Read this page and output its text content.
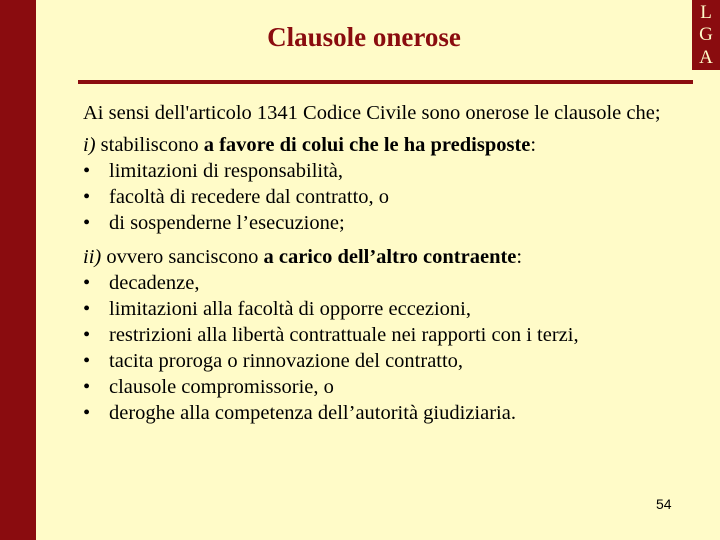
L
G
A
Clausole onerose

Ai sensi dell'articolo 1341 Codice Civile sono onerose le clausole che;

i) stabiliscono a favore di colui che le ha predisposte:

• limitazioni di responsabilità,
• facoltà di recedere dal contratto, o
• di sospenderne l’esecuzione;

ii) ovvero sanciscono a carico dell’altro contraente:

• decadenze,
• limitazioni alla facoltà di opporre eccezioni,
• restrizioni alla libertà contrattuale nei rapporti con i terzi,
• tacita proroga o rinnovazione del contratto,
• clausole compromissorie, o
• deroghe alla competenza dell’autorità giudiziaria.
54
